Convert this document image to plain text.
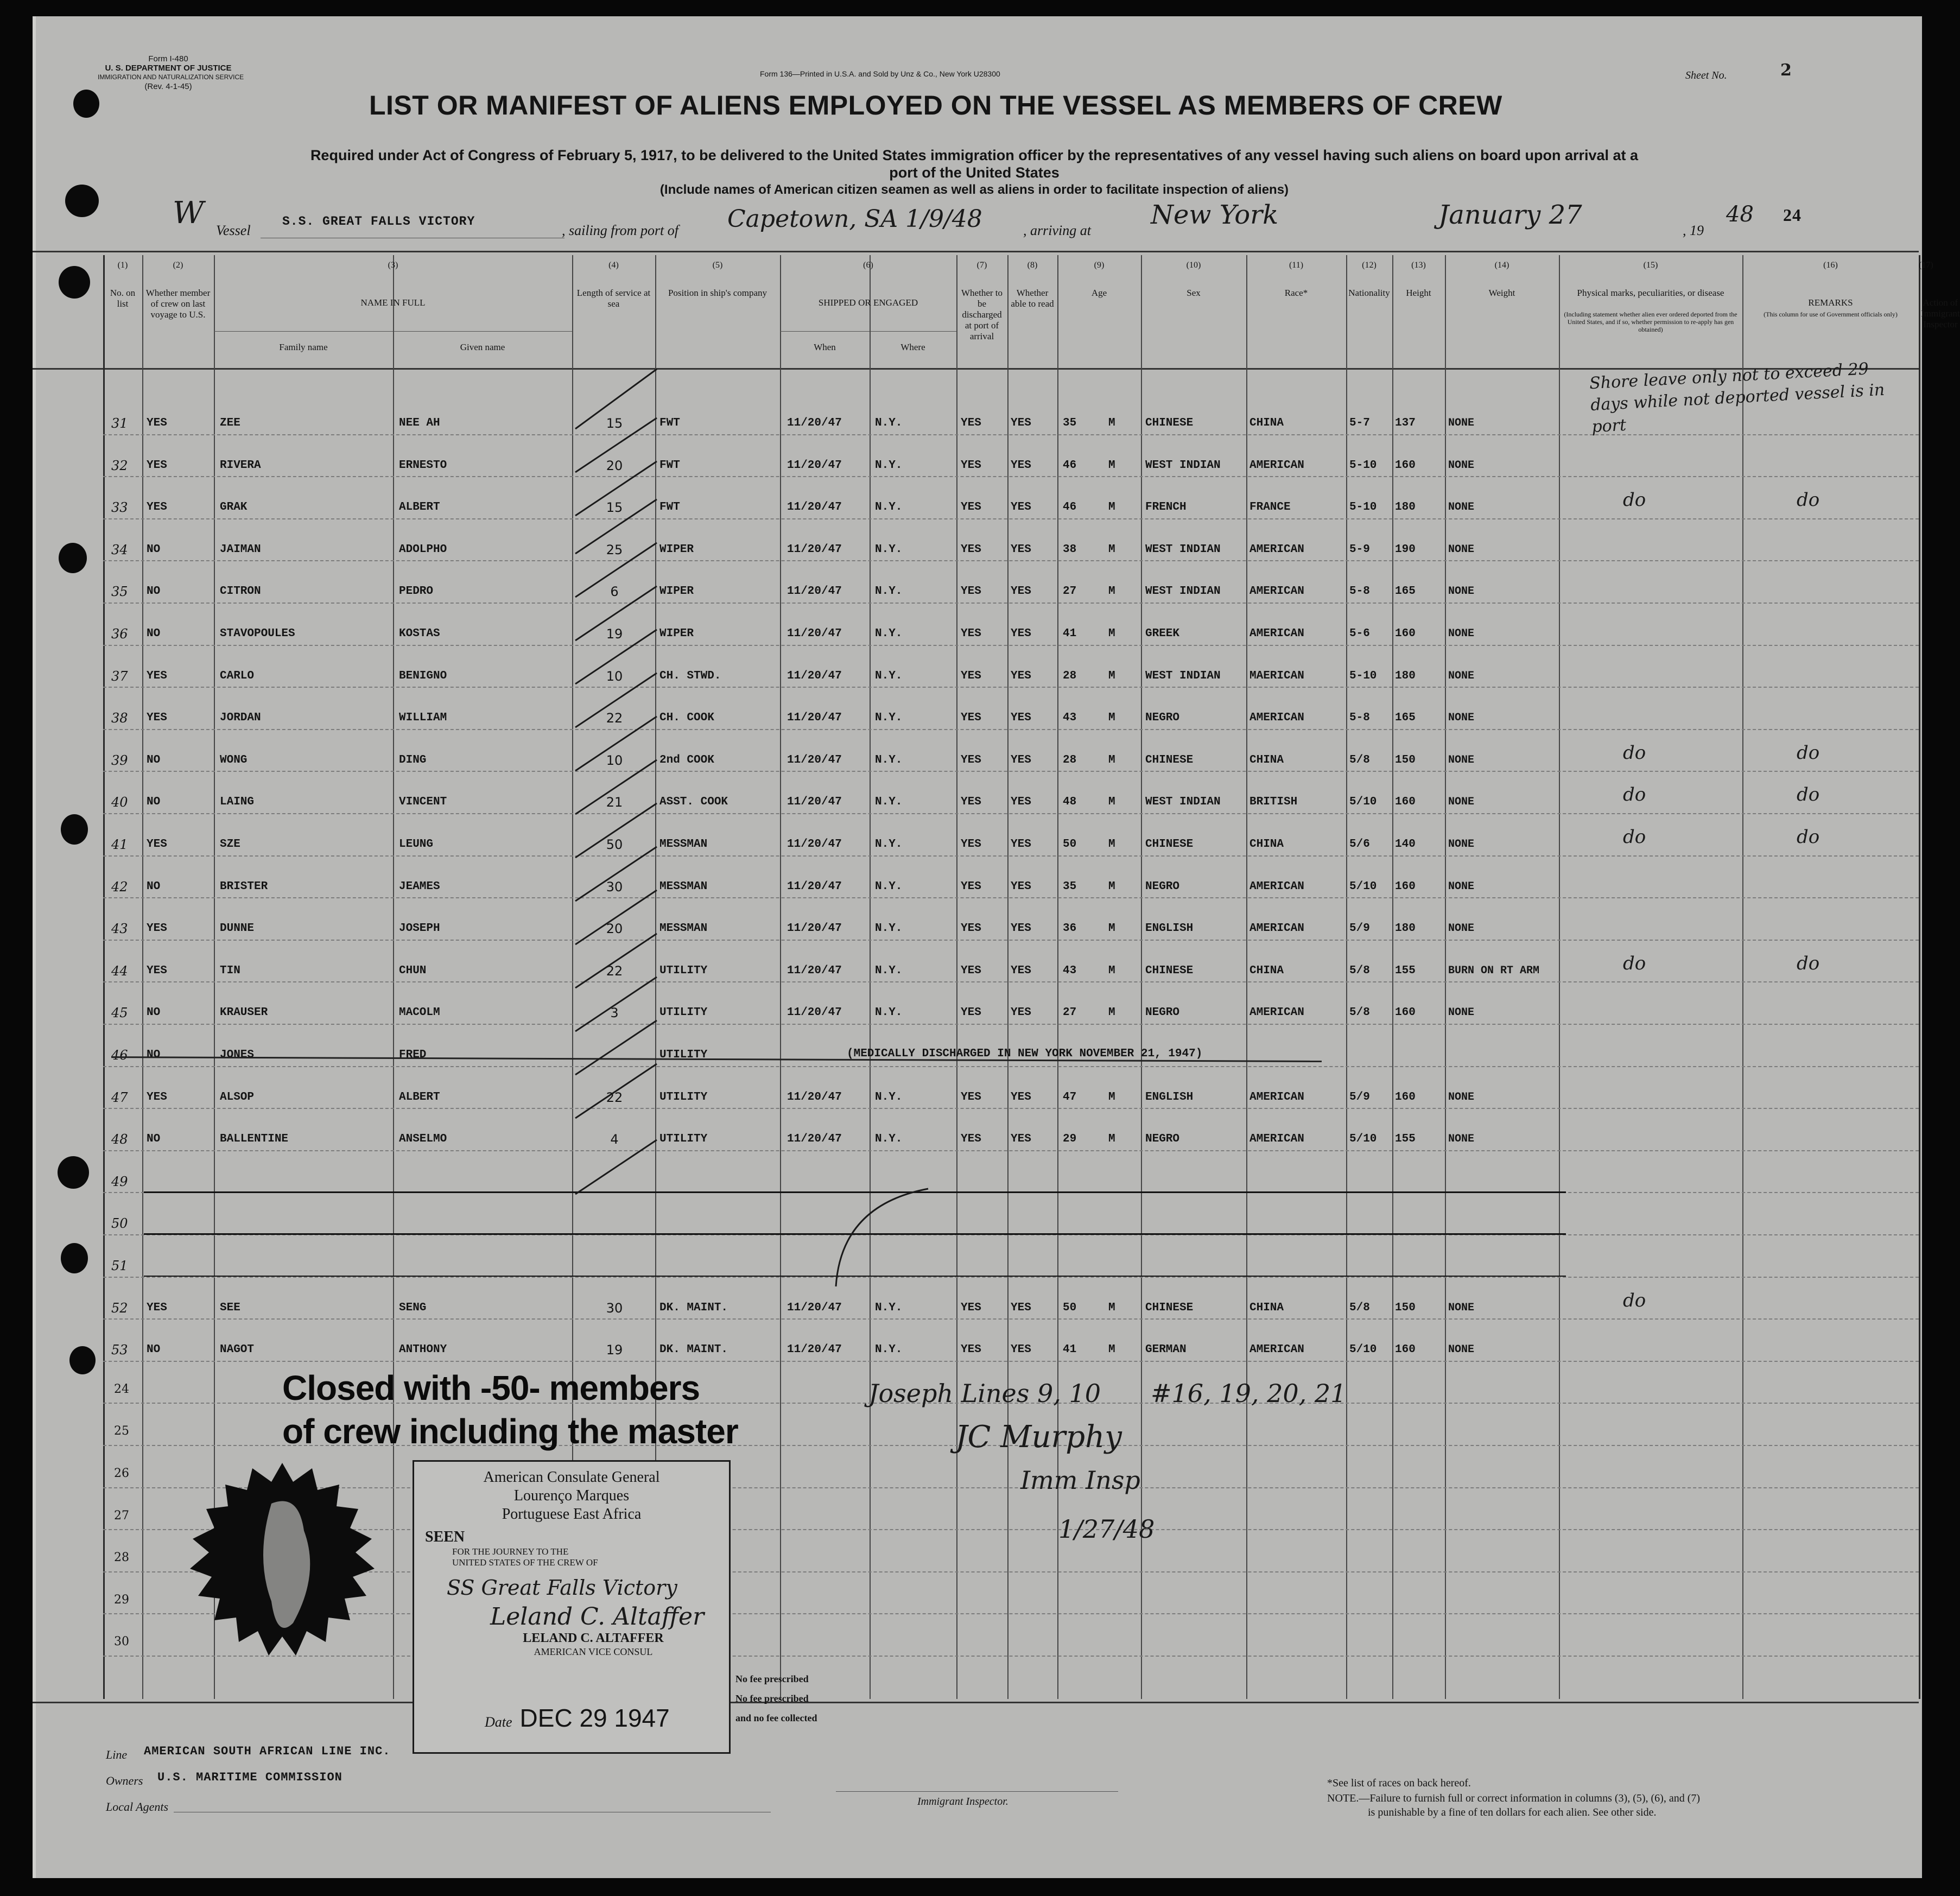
Form I-480
U. S. DEPARTMENT OF JUSTICE
IMMIGRATION AND NATURALIZATION SERVICE
(Rev. 4-1-45)
Form 136—Printed in U.S.A. and Sold by Unz & Co., New York U28300	Sheet No.	2
LIST OR MANIFEST OF ALIENS EMPLOYED ON THE VESSEL AS MEMBERS OF CREW
Required under Act of Congress of February 5, 1917, to be delivered to the United States immigration officer by the representatives of any vessel having such aliens on board upon arrival at a
port of the United States
(Include names of American citizen seamen as well as aliens in order to facilitate inspection of aliens)
W Vessel
S.S. GREAT FALLS VICTORY
, sailing from port of Capetown, SA 1/9/48	, arriving at
New York	January 27
, 19
48 24
(1)
No. on list
(2)
Whether member of crew on last voyage to U.S.
(3)
NAME IN FULL
(4)
Length of service at sea
(5)
Position in ship's company
(6)
SHIPPED OR ENGAGED
(7)
Whether to be discharged at port of arrival
(8)
Whether able to read
(9)
Age
(10)
Sex
(11)
Race*
(12)
Nationality
(13)
Height
(14)
Weight
(15)
Physical marks, peculiarities, or disease
(16)
REMARKS
(17)
Action of Immigrant Inspector
Family name	Given name	When	Where
(Including statement whether alien ever ordered deported from the United States, and if so, whether permission to re-apply has gen obtained)
(This column for use of Government officials only)
31 YES	ZEE	NEE AH	15	FWT	11/20/47	N.Y.	YES	YES	35	M	CHINESE	CHINA	5-7	137	NONE
32 YES	RIVERA	ERNESTO	20	FWT	11/20/47	N.Y.	YES	YES	46	M	WEST INDIAN	AMERICAN	5-10	160	NONE
33 YES	GRAK	ALBERT	15	FWT	11/20/47	N.Y.	YES	YES	46	M	FRENCH	FRANCE	5-10	180	NONE	do	do
34 NO	JAIMAN	ADOLPHO	25	WIPER	11/20/47	N.Y.	YES	YES	38	M	WEST INDIAN	AMERICAN	5-9	190	NONE
35 NO	CITRON	PEDRO	6	WIPER	11/20/47	N.Y.	YES	YES	27	M	WEST INDIAN	AMERICAN	5-8	165	NONE
36 NO	STAVOPOULES	KOSTAS	19	WIPER	11/20/47	N.Y.	YES	YES	41	M	GREEK	AMERICAN	5-6	160	NONE
37 YES	CARLO	BENIGNO	10	CH. STWD.	11/20/47	N.Y.	YES	YES	28	M	WEST INDIAN	MAERICAN	5-10	180	NONE
38 YES	JORDAN	WILLIAM	22	CH. COOK	11/20/47	N.Y.	YES	YES	43	M	NEGRO	AMERICAN	5-8	165	NONE
39 NO	WONG	DING	10	2nd COOK	11/20/47	N.Y.	YES	YES	28	M	CHINESE	CHINA	5/8	150	NONE	do	do
40 NO	LAING	VINCENT	21	ASST. COOK	11/20/47	N.Y.	YES	YES	48	M	WEST INDIAN	BRITISH	5/10	160	NONE	do	do
41 YES	SZE	LEUNG	50	MESSMAN	11/20/47	N.Y.	YES	YES	50	M	CHINESE	CHINA	5/6	140	NONE	do	do
42 NO	BRISTER	JEAMES	30	MESSMAN	11/20/47	N.Y.	YES	YES	35	M	NEGRO	AMERICAN	5/10	160	NONE
43 YES	DUNNE	JOSEPH	20	MESSMAN	11/20/47	N.Y.	YES	YES	36	M	ENGLISH	AMERICAN	5/9	180	NONE
44 YES	TIN	CHUN	22	UTILITY	11/20/47	N.Y.	YES	YES	43	M	CHINESE	CHINA	5/8	155	BURN ON RT ARM	do	do
45 NO	KRAUSER	MACOLM	3	UTILITY	11/20/47	N.Y.	YES	YES	27	M	NEGRO	AMERICAN	5/8	160	NONE
46 NO	JONES	FRED	UTILITY	(MEDICALLY DISCHARGED IN NEW YORK NOVEMBER 21, 1947)
47 YES	ALSOP	ALBERT	22	UTILITY	11/20/47	N.Y.	YES	YES	47	M	ENGLISH	AMERICAN	5/9	160	NONE
48 NO	BALLENTINE	ANSELMO	4	UTILITY	11/20/47	N.Y.	YES	YES	29	M	NEGRO	AMERICAN	5/10	155	NONE
49
50
51
52 YES	SEE	SENG	30	DK. MAINT.	11/20/47	N.Y.	YES	YES	50	M	CHINESE	CHINA	5/8	150	NONE	do
53 NO	NAGOT	ANTHONY	19	DK. MAINT.	11/20/47	N.Y.	YES	YES	41	M	GERMAN	AMERICAN	5/10	160	NONE
24
25
26
27
28
29
30
Shore leave only not to exceed 29 days while not deported vessel is in port
Closed with -50- members
of crew including the master
Joseph Lines 9, 10 #16, 19, 20, 21
JC Murphy
Imm Insp
1/27/48
American Consulate General
Lourenço Marques
Portuguese East Africa
SEEN
FOR THE JOURNEY TO THE
UNITED STATES OF THE CREW OF
SS Great Falls Victory
Leland C. Altaffer
LELAND C. ALTAFFER
AMERICAN VICE CONSUL
Date DEC 29 1947
No fee prescribed
No fee prescribed
and no fee collected
Line AMERICAN SOUTH AFRICAN LINE INC.
Owners U.S. MARITIME COMMISSION
Local Agents	Immigrant Inspector.
*See list of races on back hereof.
NOTE.—Failure to furnish full or correct information in columns (3), (5), (6), and (7)
is punishable by a fine of ten dollars for each alien. See other side.
